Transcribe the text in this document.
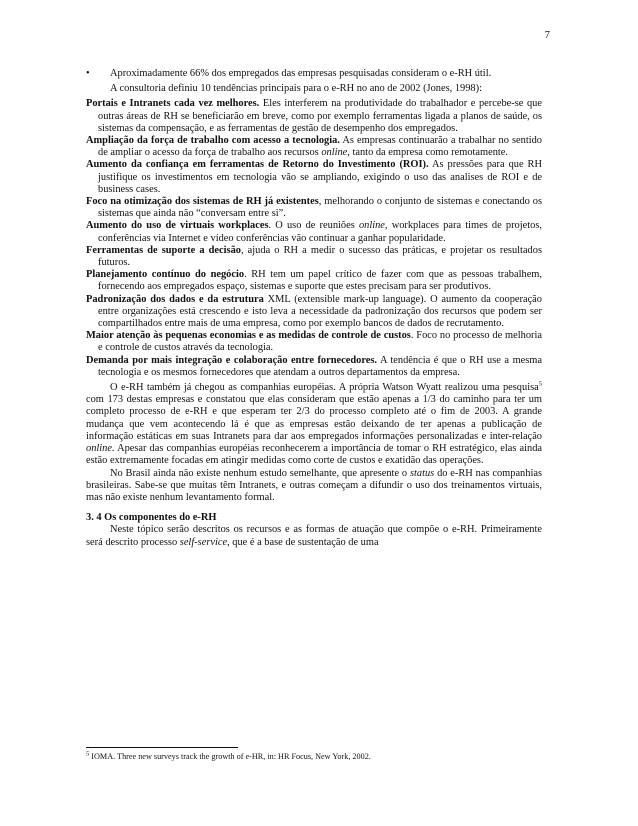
7

• Aproximadamente 66% dos empregados das empresas pesquisadas consideram o e-RH útil.

A consultoria definiu 10 tendências principais para o e-RH no ano de 2002 (Jones, 1998):

Portais e Intranets cada vez melhores. Eles interferem na produtividade do trabalhador e percebe-se que outras áreas de RH se beneficiarão em breve, como por exemplo ferramentas ligada a planos de saúde, os sistemas da compensação, e as ferramentas de gestão de desempenho dos empregados.

Ampliação da força de trabalho com acesso a tecnologia. As empresas continuarão a trabalhar no sentido de ampliar o acesso da força de trabalho aos recursos online, tanto da empresa como remotamente.

Aumento da confiança em ferramentas de Retorno do Investimento (ROI). As pressões para que RH justifique os investimentos em tecnologia vão se ampliando, exigindo o uso das analises de ROI e de business cases.

Foco na otimização dos sistemas de RH já existentes, melhorando o conjunto de sistemas e conectando os sistemas que ainda não “conversam entre si”.

Aumento do uso de virtuais workplaces. O uso de reuniões online, workplaces para times de projetos, conferências via Internet e vídeo conferências vão continuar a ganhar popularidade.

Ferramentas de suporte a decisão, ajuda o RH a medir o sucesso das práticas, e projetar os resultados futuros.

Planejamento contínuo do negócio. RH tem um papel crítico de fazer com que as pessoas trabalhem, fornecendo aos empregados espaço, sistemas e suporte que estes precisam para ser produtivos.

Padronização dos dados e da estrutura XML (extensible mark-up language). O aumento da cooperação entre organizações está crescendo e isto leva a necessidade da padronização dos recursos que podem ser compartilhados entre mais de uma empresa, como por exemplo bancos de dados de recrutamento.

Maior atenção às pequenas economias e as medidas de controle de custos. Foco no processo de melhoria e controle de custos através da tecnologia.

Demanda por mais integração e colaboração entre fornecedores. A tendência é que o RH use a mesma tecnologia e os mesmos fornecedores que atendam a outros departamentos da empresa.

O e-RH também já chegou as companhias européias. A própria Watson Wyatt realizou uma pesquisa$^5$ com 173 destas empresas e constatou que elas consideram que estão apenas a 1/3 do caminho para ter um completo processo de e-RH e que esperam ter 2/3 do processo completo até o fim de 2003. A grande mudança que vem acontecendo lá é que as empresas estão deixando de ter apenas a publicação de informação estáticas em suas Intranets para dar aos empregados informações personalizadas e inter-relação online. Apesar das companhias européias reconhecerem a importância de tomar o RH estratégico, elas ainda estão extremamente focadas em atingir medidas como corte de custos e exatidão das operações.

No Brasil ainda não existe nenhum estudo semelhante, que apresente o status do e-RH nas companhias brasileiras. Sabe-se que muitas têm Intranets, e outras começam a difundir o uso dos treinamentos virtuais, mas não existe nenhum levantamento formal.

3. 4 Os componentes do e-RH

Neste tópico serão descritos os recursos e as formas de atuação que compõe o e-RH. Primeiramente será descrito processo self-service, que é a base de sustentação de uma

$^5$ IOMA. Three new surveys track the growth of e-HR, in: HR Focus, New York, 2002.
